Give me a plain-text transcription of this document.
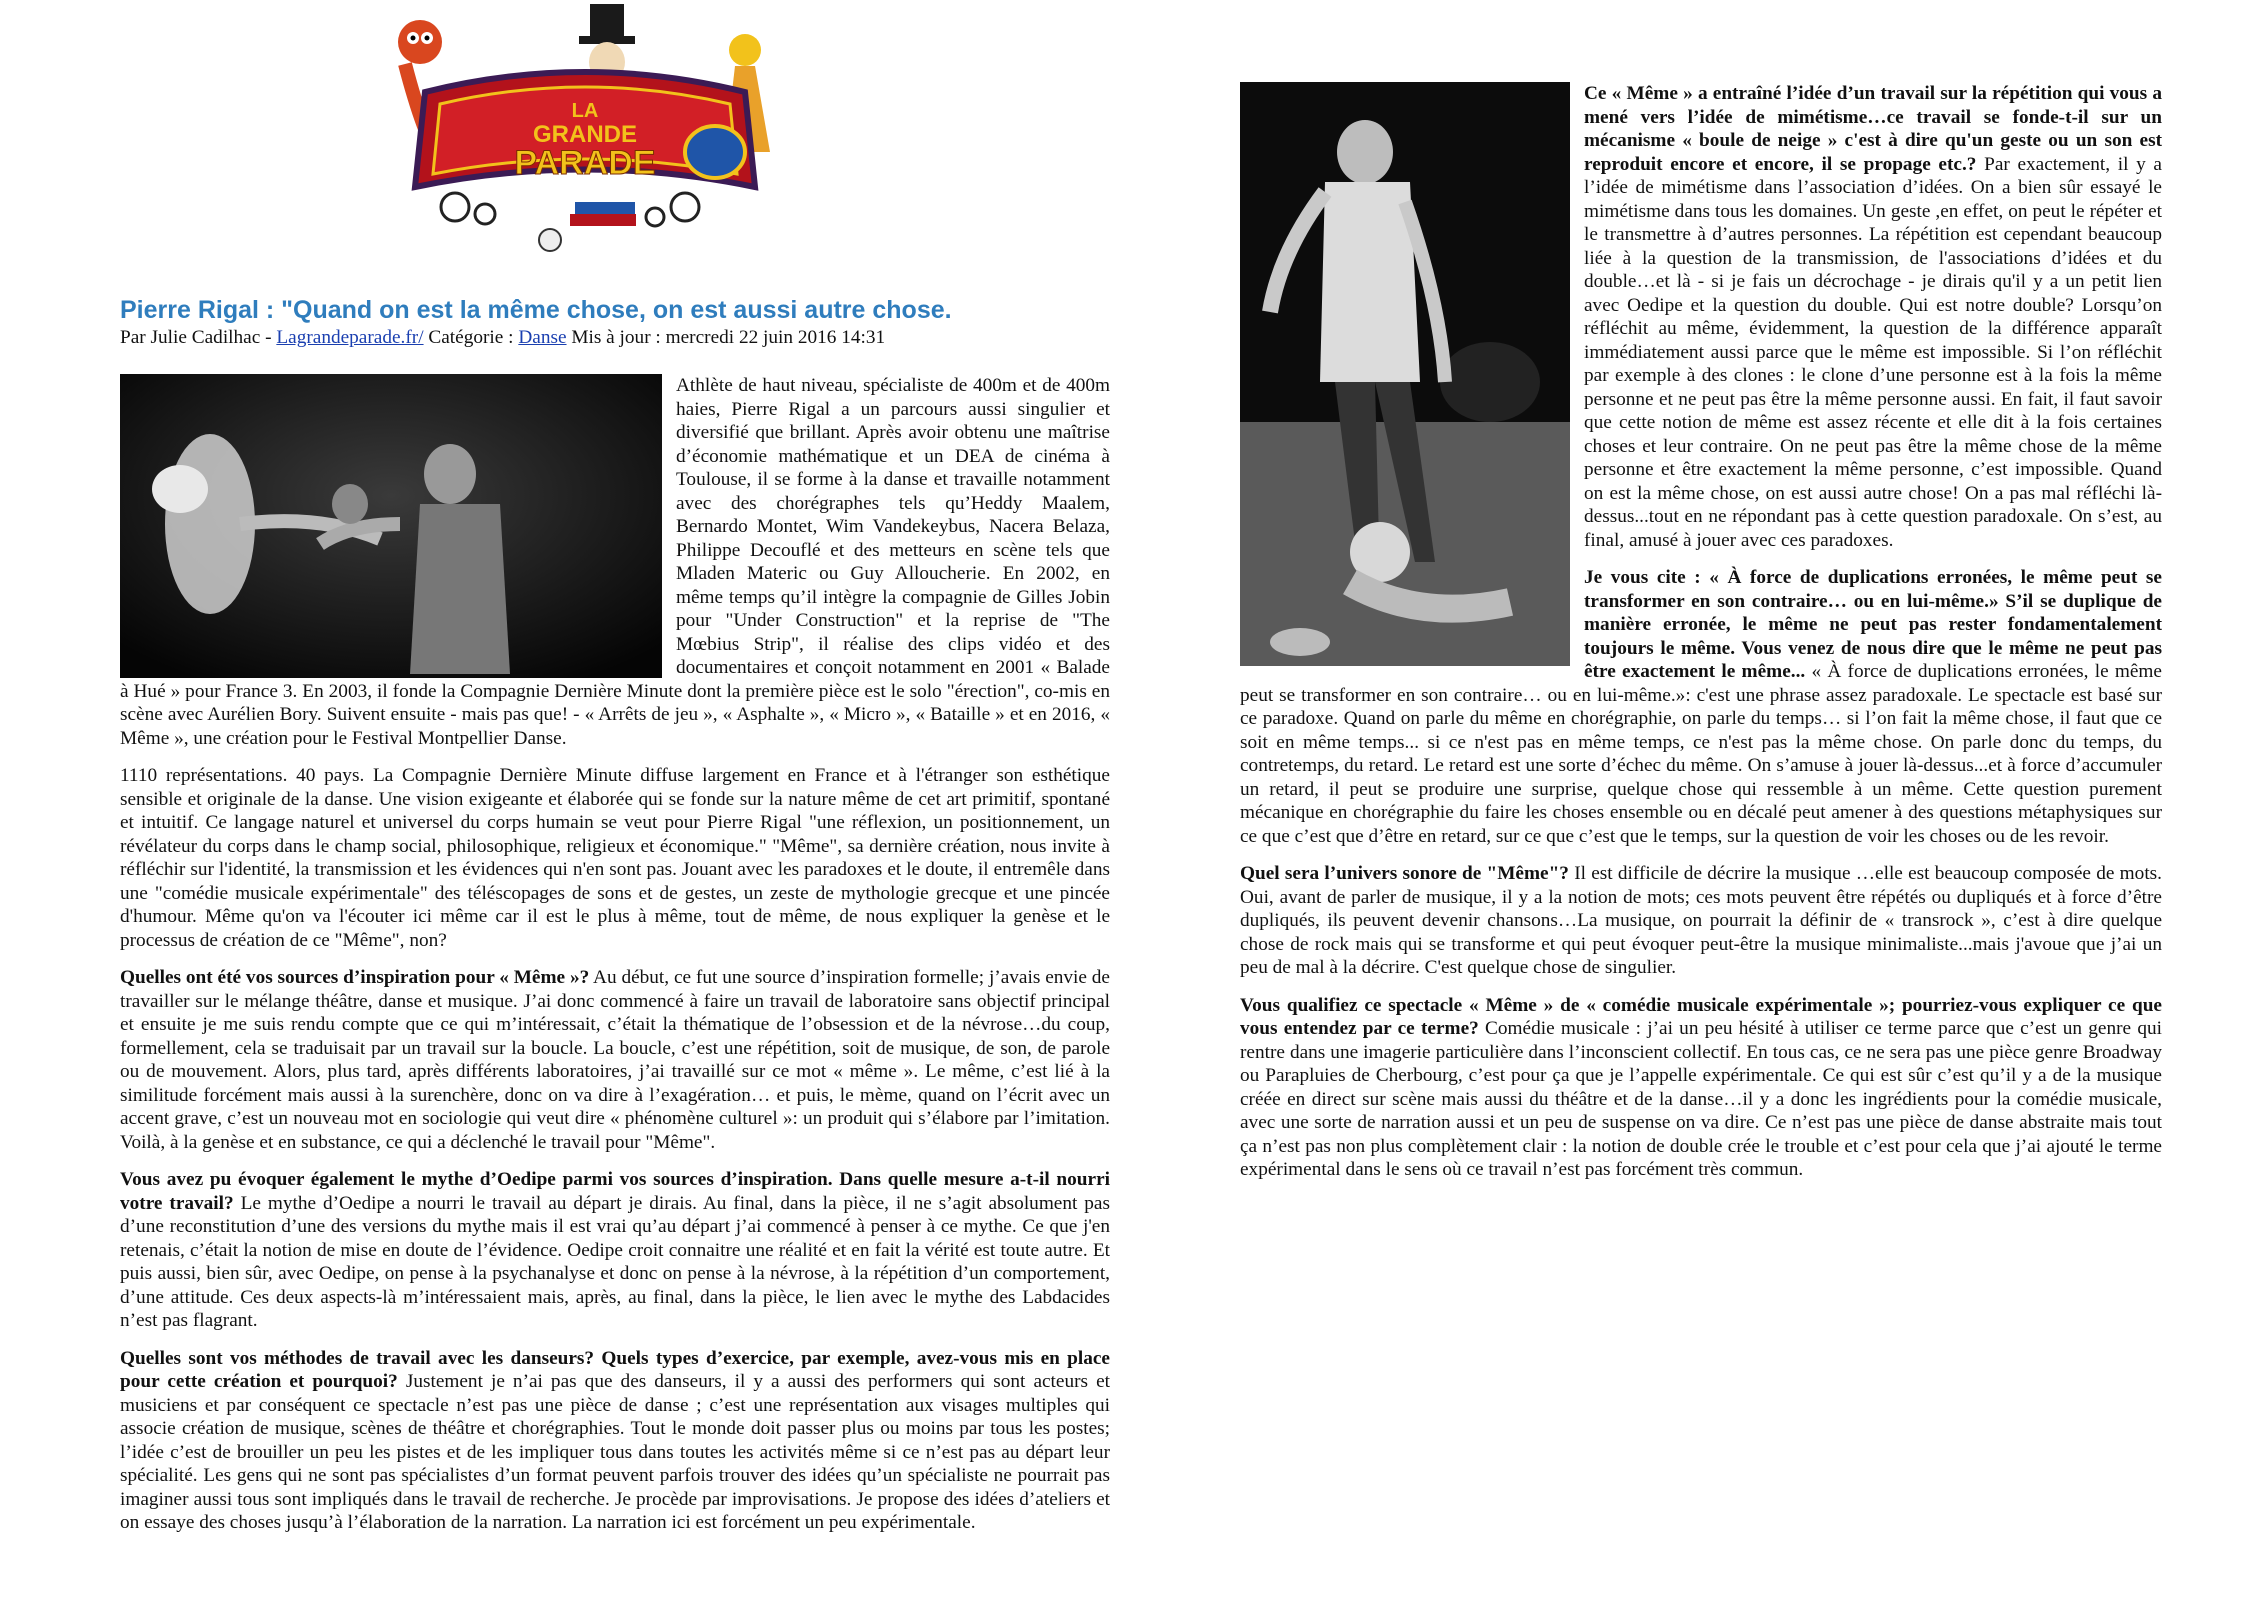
LA
GRANDE
PARADE
Pierre Rigal : "Quand on est la même chose, on est aussi autre chose.
Par Julie Cadilhac - Lagrandeparade.fr/ Catégorie : Danse Mis à jour : mercredi 22 juin 2016 14:31

Athlète de haut niveau, spécialiste de 400m et de 400m haies, Pierre Rigal a un parcours aussi singulier et diversifié que brillant. Après avoir obtenu une maîtrise d’économie mathématique et un DEA de cinéma à Toulouse, il se forme à la danse et travaille notamment avec des chorégraphes tels qu’Heddy Maalem, Bernardo Montet, Wim Vandekeybus, Nacera Belaza, Philippe Decouflé et des metteurs en scène tels que Mladen Materic ou Guy Alloucherie. En 2002, en même temps qu’il intègre la compagnie de Gilles Jobin pour "Under Construction" et la reprise de "The Mœbius Strip", il réalise des clips vidéo et des documentaires et conçoit notamment en 2001 « Balade à Hué » pour France 3. En 2003, il fonde la Compagnie Dernière Minute dont la première pièce est le solo "érection", co-mis en scène avec Aurélien Bory. Suivent ensuite - mais pas que! - « Arrêts de jeu », « Asphalte », « Micro », « Bataille » et en 2016, « Même », une création pour le Festival Montpellier Danse.

1110 représentations. 40 pays. La Compagnie Dernière Minute diffuse largement en France et à l'étranger son esthétique sensible et originale de la danse. Une vision exigeante et élaborée qui se fonde sur la nature même de cet art primitif, spontané et intuitif. Ce langage naturel et universel du corps humain se veut pour Pierre Rigal "une réflexion, un positionnement, un révélateur du corps dans le champ social, philosophique, religieux et économique." "Même", sa dernière création, nous invite à réfléchir sur l'identité, la transmission et les évidences qui n'en sont pas. Jouant avec les paradoxes et le doute, il entremêle dans une "comédie musicale expérimentale" des téléscopages de sons et de gestes, un zeste de mythologie grecque et une pincée d'humour. Même qu'on va l'écouter ici même car il est le plus à même, tout de même, de nous expliquer la genèse et le processus de création de ce "Même", non?

Quelles ont été vos sources d’inspiration pour « Même »? Au début, ce fut une source d’inspiration formelle; j’avais envie de travailler sur le mélange théâtre, danse et musique. J’ai donc commencé à faire un travail de laboratoire sans objectif principal et ensuite je me suis rendu compte que ce qui m’intéressait, c’était la thématique de l’obsession et de la névrose…du coup, formellement, cela se traduisait par un travail sur la boucle. La boucle, c’est une répétition, soit de musique, de son, de parole ou de mouvement. Alors, plus tard, après différents laboratoires, j’ai travaillé sur ce mot « même ». Le même, c’est lié à la similitude forcément mais aussi à la surenchère, donc on va dire à l’exagération… et puis, le mème, quand on l’écrit avec un accent grave, c’est un nouveau mot en sociologie qui veut dire « phénomène culturel »: un produit qui s’élabore par l’imitation. Voilà, à la genèse et en substance, ce qui a déclenché le travail pour "Même".

Vous avez pu évoquer également le mythe d’Oedipe parmi vos sources d’inspiration. Dans quelle mesure a-t-il nourri votre travail? Le mythe d’Oedipe a nourri le travail au départ je dirais. Au final, dans la pièce, il ne s’agit absolument pas d’une reconstitution d’une des versions du mythe mais il est vrai qu’au départ j’ai commencé à penser à ce mythe. Ce que j'en retenais, c’était la notion de mise en doute de l’évidence. Oedipe croit connaitre une réalité et en fait la vérité est toute autre. Et puis aussi, bien sûr, avec Oedipe, on pense à la psychanalyse et donc on pense à la névrose, à la répétition d’un comportement, d’une attitude. Ces deux aspects-là m’intéressaient mais, après, au final, dans la pièce, le lien avec le mythe des Labdacides n’est pas flagrant.

Quelles sont vos méthodes de travail avec les danseurs? Quels types d’exercice, par exemple, avez-vous mis en place pour cette création et pourquoi? Justement je n’ai pas que des danseurs, il y a aussi des performers qui sont acteurs et musiciens et par conséquent ce spectacle n’est pas une pièce de danse ; c’est une représentation aux visages multiples qui associe création de musique, scènes de théâtre et chorégraphies. Tout le monde doit passer plus ou moins par tous les postes; l’idée c’est de brouiller un peu les pistes et de les impliquer tous dans toutes les activités même si ce n’est pas au départ leur spécialité. Les gens qui ne sont pas spécialistes d’un format peuvent parfois trouver des idées qu’un spécialiste ne pourrait pas imaginer aussi tous sont impliqués dans le travail de recherche. Je procède par improvisations. Je propose des idées d’ateliers et on essaye des choses jusqu’à l’élaboration de la narration. La narration ici est forcément un peu expérimentale.

Ce « Même » a entraîné l’idée d’un travail sur la répétition qui vous a mené vers l’idée de mimétisme…ce travail se fonde-t-il sur un mécanisme « boule de neige » c'est à dire qu'un geste ou un son est reproduit encore et encore, il se propage etc.? Par exactement, il y a l’idée de mimétisme dans l’association d’idées. On a bien sûr essayé le mimétisme dans tous les domaines. Un geste ,en effet, on peut le répéter et le transmettre à d’autres personnes. La répétition est cependant beaucoup liée à la question de la transmission, de l'associations d’idées et du double…et là - si je fais un décrochage - je dirais qu'il y a un petit lien avec Oedipe et la question du double. Qui est notre double? Lorsqu’on réfléchit au même, évidemment, la question de la différence apparaît immédiatement aussi parce que le même est impossible. Si l’on réfléchit par exemple à des clones : le clone d’une personne est à la fois la même personne et ne peut pas être la même personne aussi. En fait, il faut savoir que cette notion de même est assez récente et elle dit à la fois certaines choses et leur contraire. On ne peut pas être la même chose de la même personne et être exactement la même personne, c’est impossible. Quand on est la même chose, on est aussi autre chose! On a pas mal réfléchi là-dessus...tout en ne répondant pas à cette question paradoxale. On s’est, au final, amusé à jouer avec ces paradoxes.

Je vous cite : « À force de duplications erronées, le même peut se transformer en son contraire… ou en lui-même.» S’il se duplique de manière erronée, le même ne peut pas rester fondamentalement toujours le même. Vous venez de nous dire que le même ne peut pas être exactement le même... « À force de duplications erronées, le même peut se transformer en son contraire… ou en lui-même.»: c'est une phrase assez paradoxale. Le spectacle est basé sur ce paradoxe. Quand on parle du même en chorégraphie, on parle du temps… si l’on fait la même chose, il faut que ce soit en même temps... si ce n'est pas en même temps, ce n'est pas la même chose. On parle donc du temps, du contretemps, du retard. Le retard est une sorte d’échec du même. On s’amuse à jouer là-dessus...et à force d’accumuler un retard, il peut se produire une surprise, quelque chose qui ressemble à un même. Cette question purement mécanique en chorégraphie du faire les choses ensemble ou en décalé peut amener à des questions métaphysiques sur ce que c’est que d’être en retard, sur ce que c’est que le temps, sur la question de voir les choses ou de les revoir.

Quel sera l’univers sonore de "Même"? Il est difficile de décrire la musique …elle est beaucoup composée de mots. Oui, avant de parler de musique, il y a la notion de mots; ces mots peuvent être répétés ou dupliqués et à force d’être dupliqués, ils peuvent devenir chansons…La musique, on pourrait la définir de « transrock », c’est à dire quelque chose de rock mais qui se transforme et qui peut évoquer peut-être la musique minimaliste...mais j'avoue que j’ai un peu de mal à la décrire. C'est quelque chose de singulier.

Vous qualifiez ce spectacle « Même » de « comédie musicale expérimentale »; pourriez-vous expliquer ce que vous entendez par ce terme? Comédie musicale : j’ai un peu hésité à utiliser ce terme parce que c’est un genre qui rentre dans une imagerie particulière dans l’inconscient collectif. En tous cas, ce ne sera pas une pièce genre Broadway ou Parapluies de Cherbourg, c’est pour ça que je l’appelle expérimentale. Ce qui est sûr c’est qu’il y a de la musique créée en direct sur scène mais aussi du théâtre et de la danse…il y a donc les ingrédients pour la comédie musicale, avec une sorte de narration aussi et un peu de suspense on va dire. Ce n’est pas une pièce de danse abstraite mais tout ça n’est pas non plus complètement clair : la notion de double crée le trouble et c’est pour cela que j’ai ajouté le terme expérimental dans le sens où ce travail n’est pas forcément très commun.
